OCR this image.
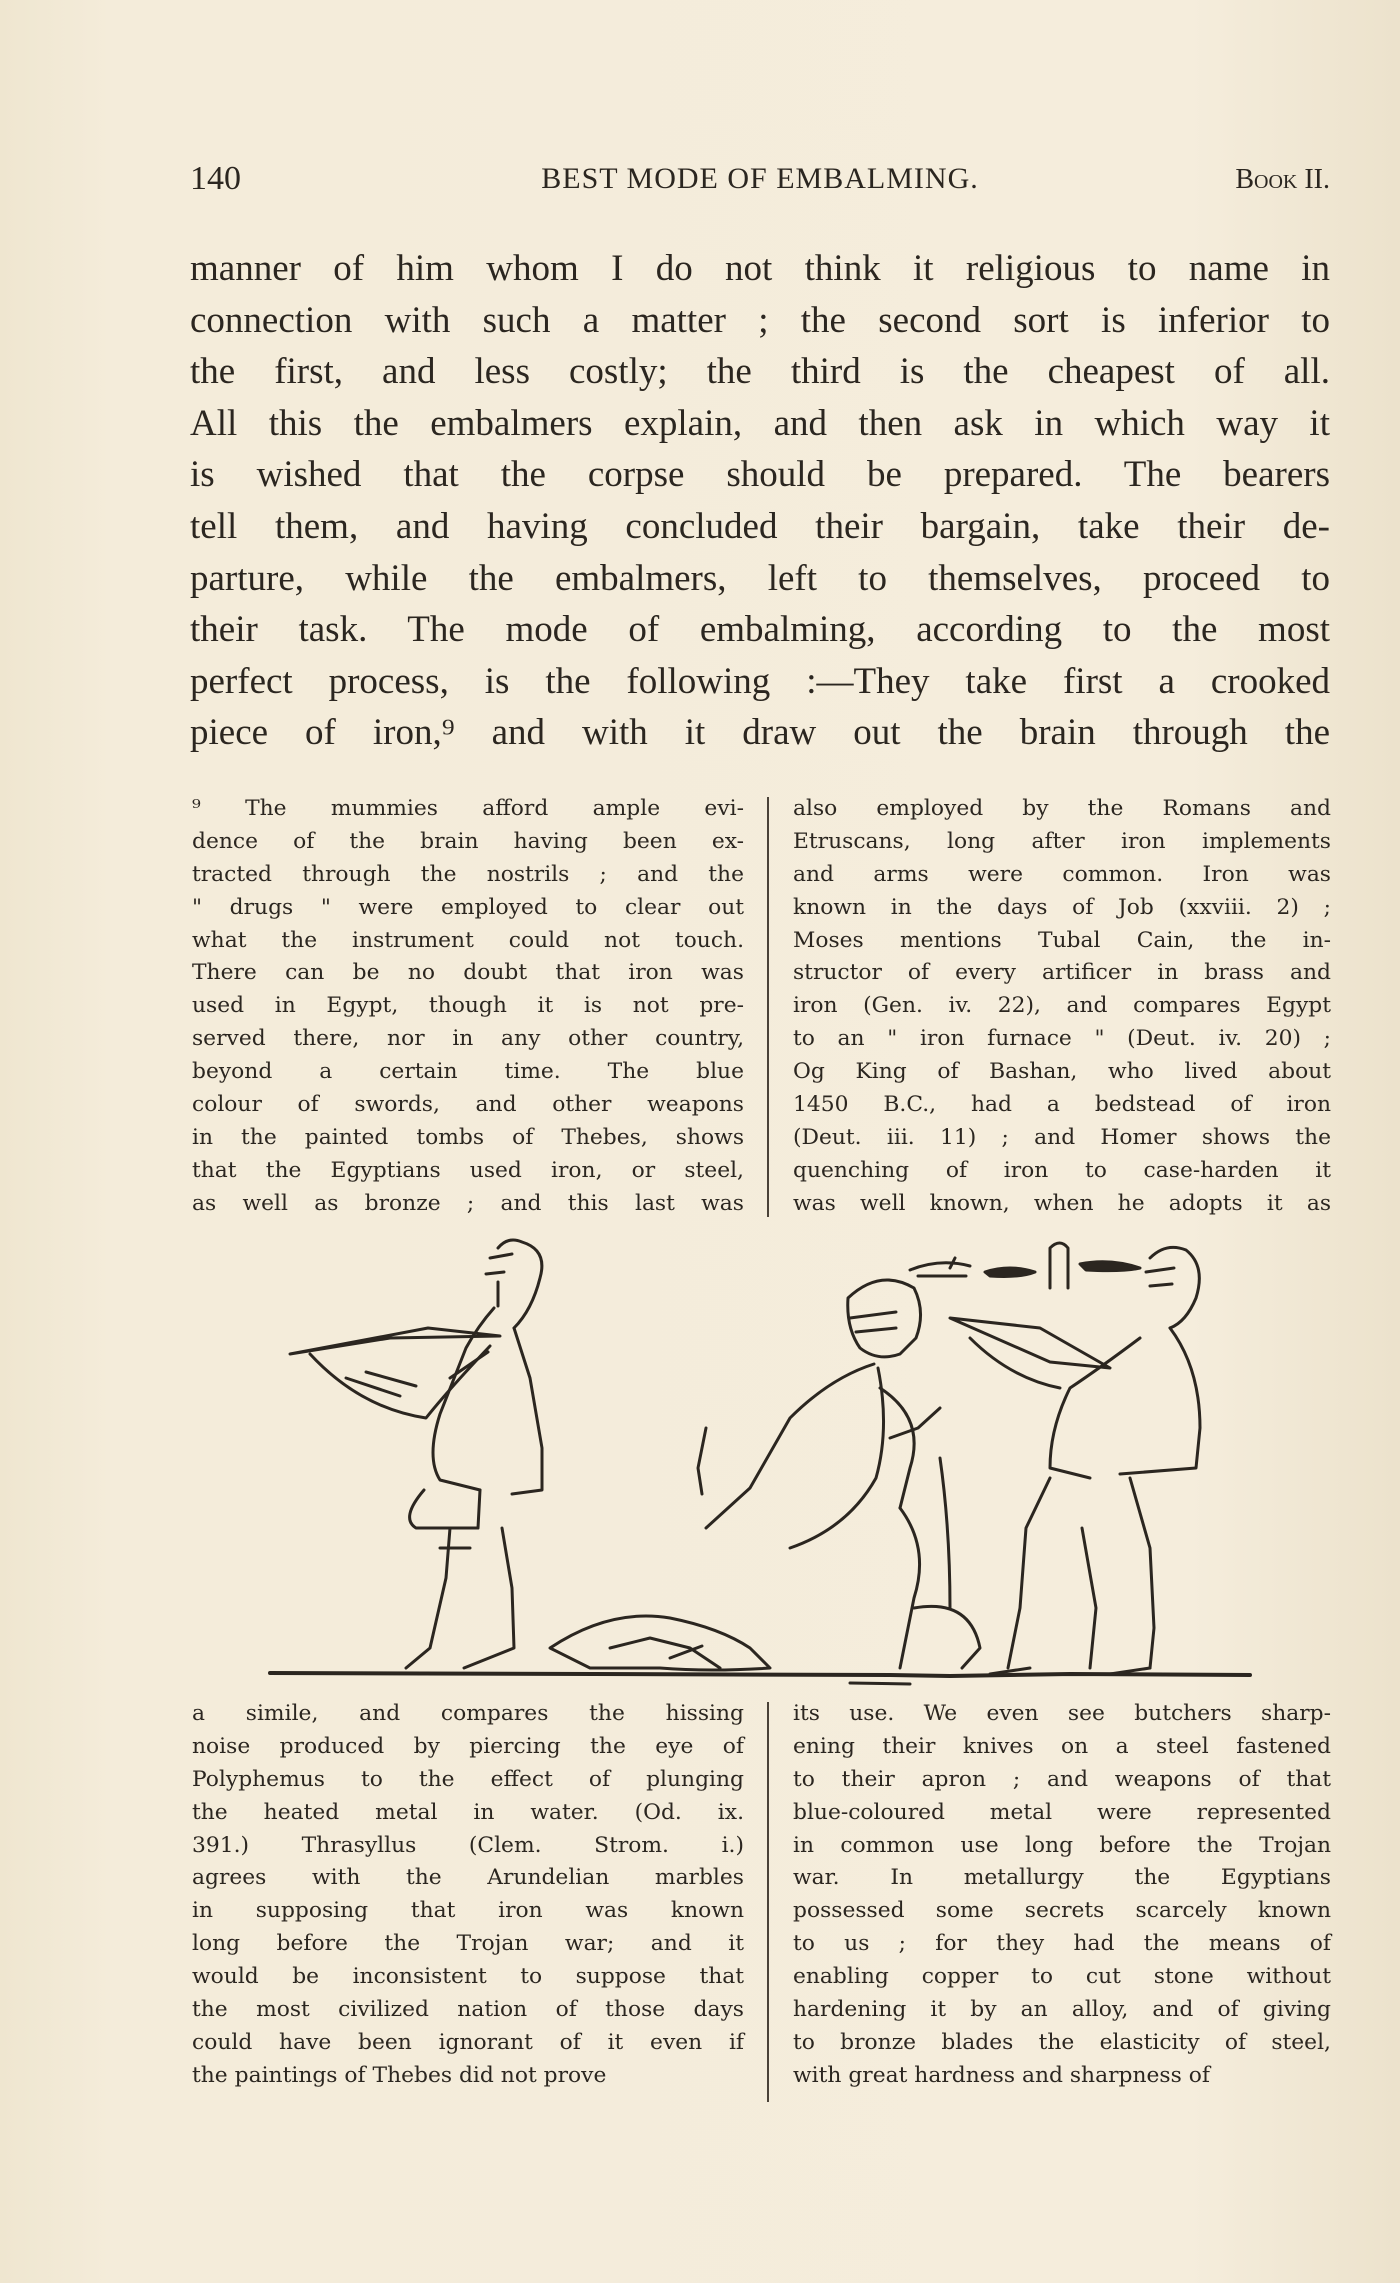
140	BEST MODE OF EMBALMING.	Book II.
manner of him whom I do not think it religious to name in
connection with such a matter ; the second sort is inferior to
the first, and less costly; the third is the cheapest of all.
All this the embalmers explain, and then ask in which way it
is wished that the corpse should be prepared. The bearers
tell them, and having concluded their bargain, take their de-
parture, while the embalmers, left to themselves, proceed to
their task. The mode of embalming, according to the most
perfect process, is the following :—They take first a crooked
piece of iron,⁹ and with it draw out the brain through the
⁹ The mummies afford ample evi-
dence of the brain having been ex-
tracted through the nostrils ; and the
" drugs " were employed to clear out
what the instrument could not touch.
There can be no doubt that iron was
used in Egypt, though it is not pre-
served there, nor in any other country,
beyond a certain time. The blue
colour of swords, and other weapons
in the painted tombs of Thebes, shows
that the Egyptians used iron, or steel,
as well as bronze ; and this last was
also employed by the Romans and
Etruscans, long after iron implements
and arms were common. Iron was
known in the days of Job (xxviii. 2) ;
Moses mentions Tubal Cain, the in-
structor of every artificer in brass and
iron (Gen. iv. 22), and compares Egypt
to an " iron furnace " (Deut. iv. 20) ;
Og King of Bashan, who lived about
1450 B.C., had a bedstead of iron
(Deut. iii. 11) ; and Homer shows the
quenching of iron to case-harden it
was well known, when he adopts it as
a simile, and compares the hissing
noise produced by piercing the eye of
Polyphemus to the effect of plunging
the heated metal in water. (Od. ix.
391.) Thrasyllus (Clem. Strom. i.)
agrees with the Arundelian marbles
in supposing that iron was known
long before the Trojan war; and it
would be inconsistent to suppose that
the most civilized nation of those days
could have been ignorant of it even if
the paintings of Thebes did not prove
its use. We even see butchers sharp-
ening their knives on a steel fastened
to their apron ; and weapons of that
blue-coloured metal were represented
in common use long before the Trojan
war. In metallurgy the Egyptians
possessed some secrets scarcely known
to us ; for they had the means of
enabling copper to cut stone without
hardening it by an alloy, and of giving
to bronze blades the elasticity of steel,
with great hardness and sharpness of
